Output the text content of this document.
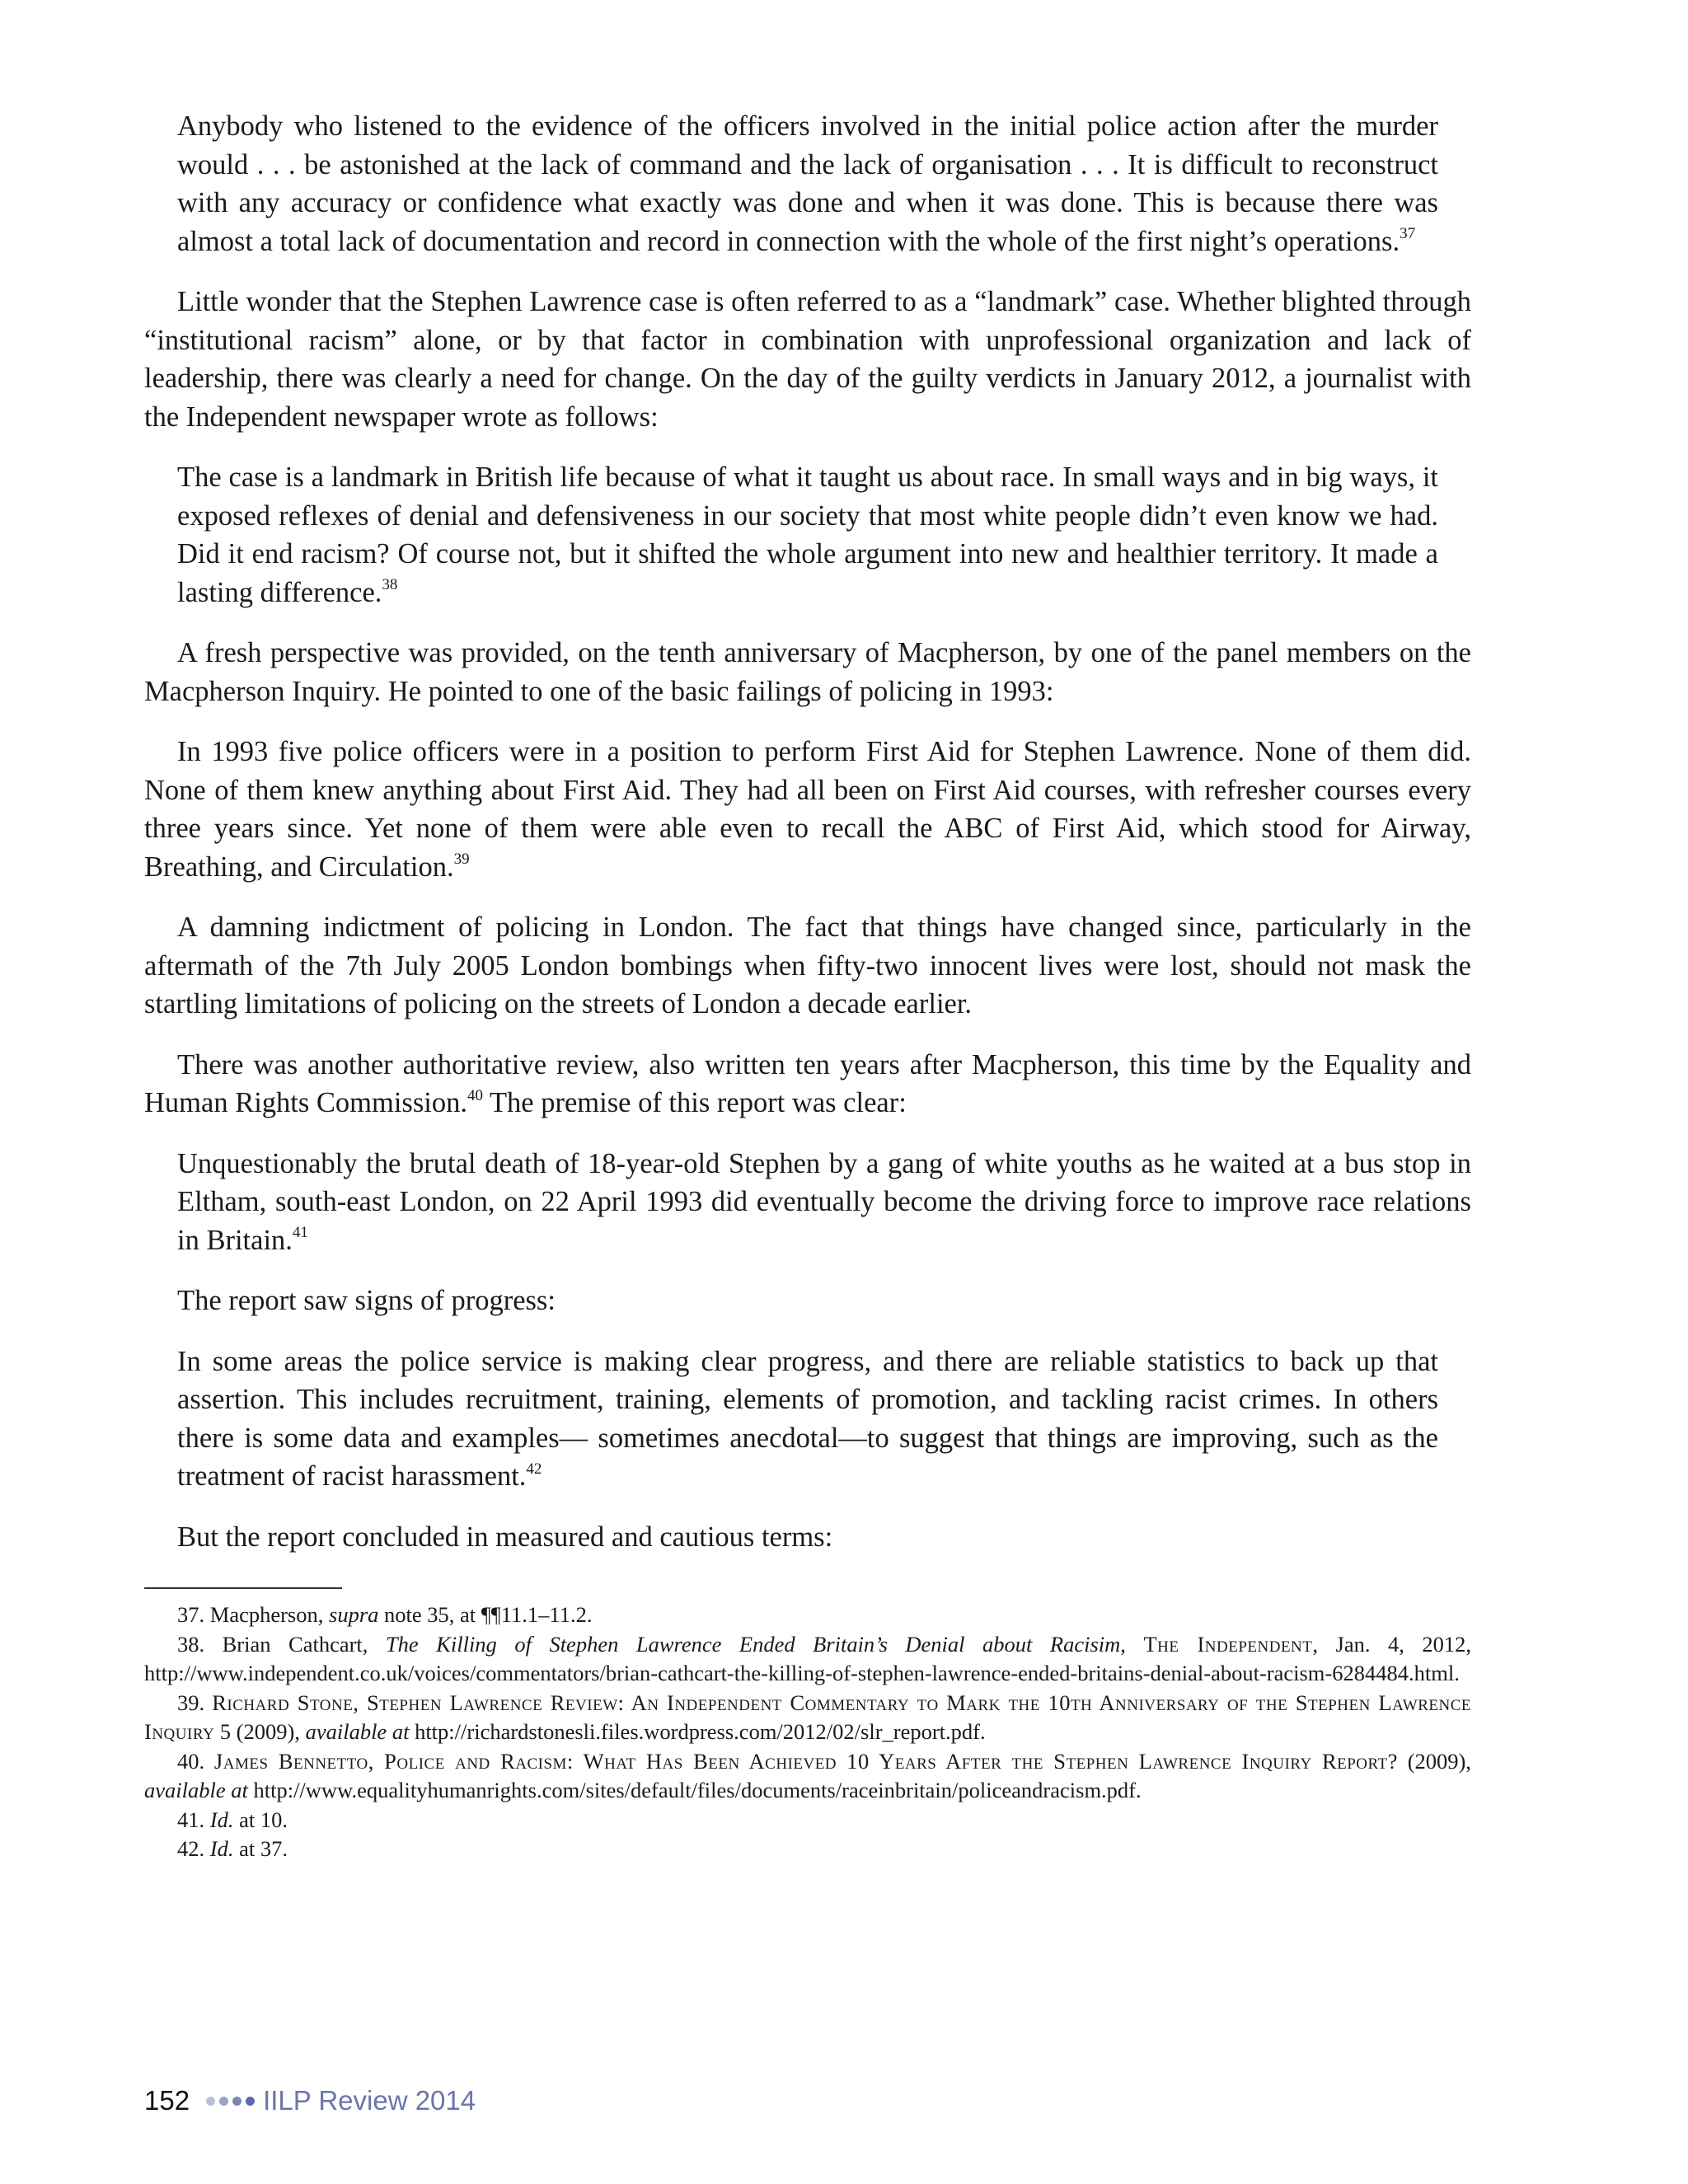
Anybody who listened to the evidence of the officers involved in the initial police action after the murder would . . . be astonished at the lack of command and the lack of organisation . . . It is difficult to reconstruct with any accuracy or confidence what exactly was done and when it was done. This is because there was almost a total lack of documentation and record in connection with the whole of the first night’s operations.$^{37}$

Little wonder that the Stephen Lawrence case is often referred to as a “landmark” case. Whether blighted through “institutional racism” alone, or by that factor in combination with unprofessional organization and lack of leadership, there was clearly a need for change. On the day of the guilty verdicts in January 2012, a journalist with the Independent newspaper wrote as follows:

The case is a landmark in British life because of what it taught us about race. In small ways and in big ways, it exposed reflexes of denial and defensiveness in our society that most white people didn’t even know we had. Did it end racism? Of course not, but it shifted the whole argument into new and healthier territory. It made a lasting difference.$^{38}$

A fresh perspective was provided, on the tenth anniversary of Macpherson, by one of the panel members on the Macpherson Inquiry. He pointed to one of the basic failings of policing in 1993:

In 1993 five police officers were in a position to perform First Aid for Stephen Lawrence. None of them did. None of them knew anything about First Aid. They had all been on First Aid courses, with refresher courses every three years since. Yet none of them were able even to recall the ABC of First Aid, which stood for Airway, Breathing, and Circulation.$^{39}$

A damning indictment of policing in London. The fact that things have changed since, particularly in the aftermath of the 7th July 2005 London bombings when fifty-two innocent lives were lost, should not mask the startling limitations of policing on the streets of London a decade earlier.

There was another authoritative review, also written ten years after Macpherson, this time by the Equality and Human Rights Commission.$^{40}$ The premise of this report was clear:

Unquestionably the brutal death of 18-year-old Stephen by a gang of white youths as he waited at a bus stop in Eltham, south-east London, on 22 April 1993 did eventually become the driving force to improve race relations in Britain.$^{41}$

The report saw signs of progress:

In some areas the police service is making clear progress, and there are reliable statistics to back up that assertion. This includes recruitment, training, elements of promotion, and tackling racist crimes. In others there is some data and examples— sometimes anecdotal—to suggest that things are improving, such as the treatment of racist harassment.$^{42}$

But the report concluded in measured and cautious terms:

37. Macpherson, supra note 35, at ¶¶11.1–11.2.

38. Brian Cathcart, The Killing of Stephen Lawrence Ended Britain’s Denial about Racisim, The Independent, Jan. 4, 2012, http://www.independent.co.uk/voices/commentators/brian-cathcart-the-killing-of-stephen-lawrence-ended-britains-denial-about-racism-6284484.html.

39. Richard Stone, Stephen Lawrence Review: An Independent Commentary to Mark the 10th Anniversary of the Stephen Lawrence Inquiry 5 (2009), available at http://richardstonesli.files.wordpress.com/2012/02/slr_report.pdf.

40. James Bennetto, Police and Racism: What Has Been Achieved 10 Years After the Stephen Lawrence Inquiry Report? (2009), available at http://www.equalityhumanrights.com/sites/default/files/documents/raceinbritain/policeandracism.pdf.

41. Id. at 10.

42. Id. at 37.

152	IILP Review 2014
